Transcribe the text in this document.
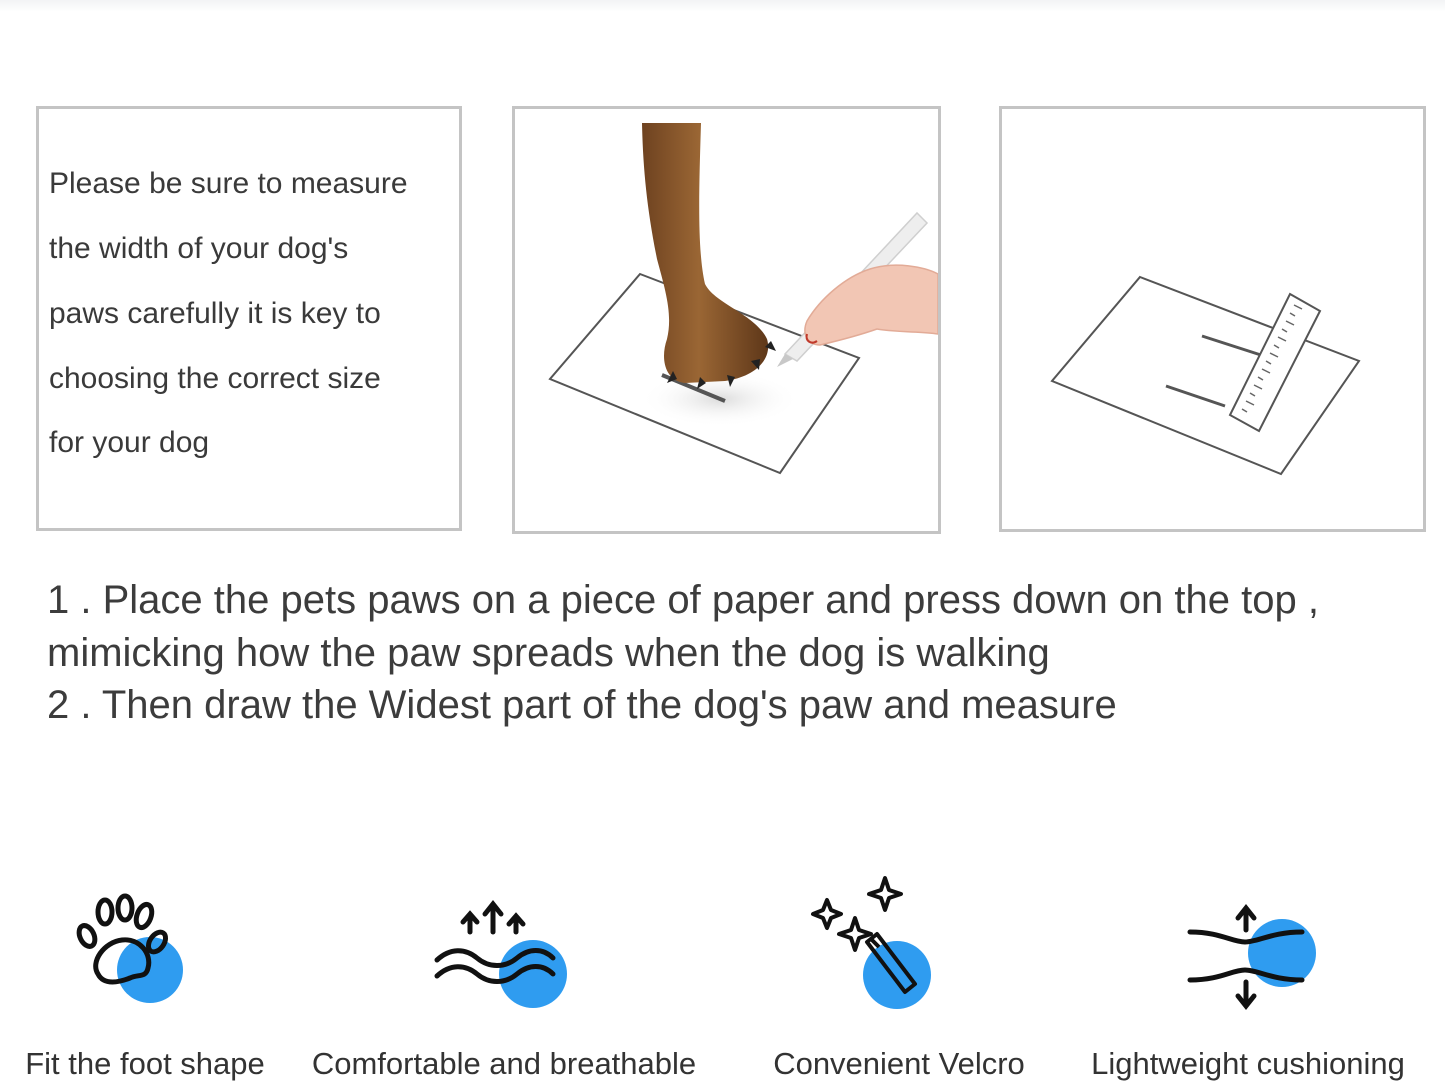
Please be sure to measure
the width of your dog's
paws carefully it is key to
choosing the correct size
for your dog
1 . Place the pets paws on a piece of paper and press down on the top ,
mimicking how the paw spreads when the dog is walking
2 . Then draw the Widest part of the dog's paw and measure
Fit the foot shape	Comfortable and breathable	Convenient Velcro	Lightweight cushioning
